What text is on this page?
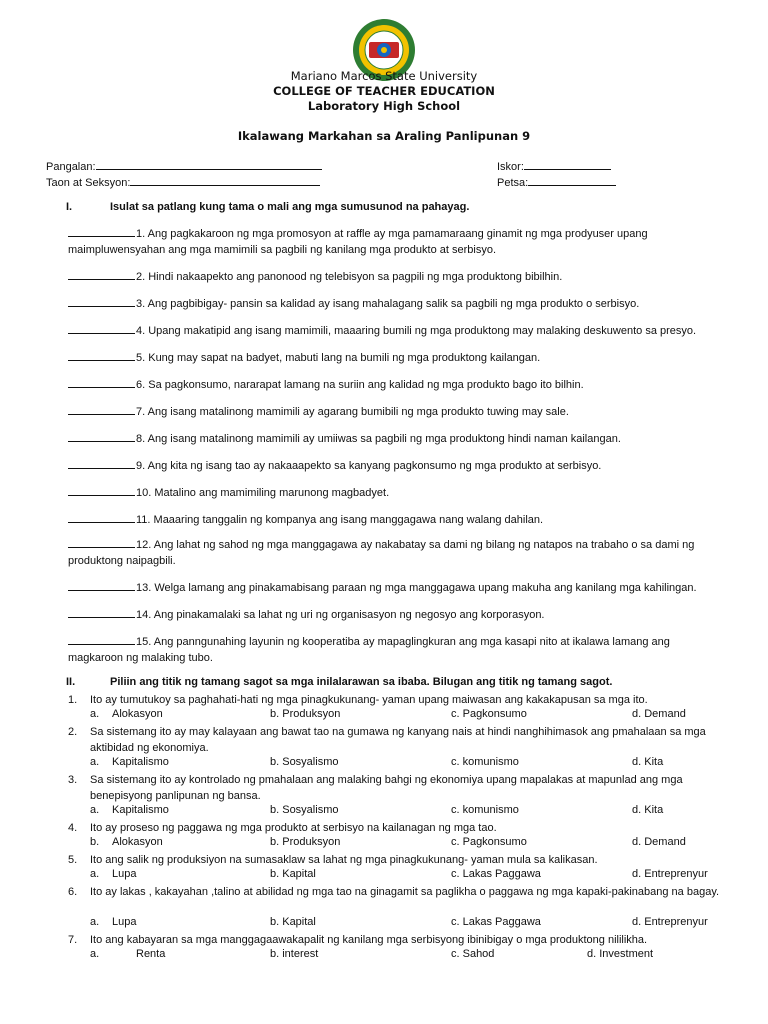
Mariano Marcos State University
COLLEGE OF TEACHER EDUCATION
Laboratory High School
Ikalawang Markahan sa Araling Panlipunan 9
Pangalan:
Taon at Seksyon:
Iskor:
Petsa:
I.	Isulat sa patlang kung tama o mali ang mga sumusunod na pahayag.
1. Ang pagkakaroon ng mga promosyon at raffle ay mga pamamaraang ginamit ng mga prodyuser upang maimpluwensyahan ang mga mamimili sa pagbili ng kanilang mga produkto at serbisyo.
2. Hindi nakaapekto ang panonood ng telebisyon sa pagpili ng mga produktong bibilhin.
3. Ang pagbibigay- pansin sa kalidad ay isang mahalagang salik sa pagbili ng mga produkto o serbisyo.
4. Upang makatipid ang isang mamimili, maaaring bumili ng mga produktong may malaking deskuwento sa presyo.
5. Kung may sapat na badyet, mabuti lang na bumili ng mga produktong kailangan.
6. Sa pagkonsumo, nararapat lamang na suriin ang kalidad ng mga produkto bago ito bilhin.
7. Ang isang matalinong mamimili ay agarang bumibili ng mga produkto tuwing may sale.
8. Ang isang matalinong mamimili ay umiiwas sa pagbili ng mga produktong hindi naman kailangan.
9. Ang kita ng isang tao ay nakaaapekto sa kanyang pagkonsumo ng mga produkto at serbisyo.
10. Matalino ang mamimiling marunong magbadyet.
11. Maaaring tanggalin ng kompanya ang isang manggagawa nang walang dahilan.
12. Ang lahat ng sahod ng mga manggagawa ay nakabatay sa dami ng bilang ng natapos na trabaho o sa dami ng produktong naipagbili.
13. Welga lamang ang pinakamabisang paraan ng mga manggagawa upang makuha ang kanilang mga kahilingan.
14. Ang pinakamalaki sa lahat ng uri ng organisasyon ng negosyo ang korporasyon.
15. Ang panngunahing layunin ng kooperatiba ay mapaglingkuran ang mga kasapi nito at ikalawa lamang ang magkaroon ng malaking tubo.
II.	Piliin ang titik ng tamang sagot sa mga inilalarawan sa ibaba. Bilugan ang titik ng tamang sagot.
1. Ito ay tumutukoy sa paghahati-hati ng mga pinagkukunang- yaman upang maiwasan ang kakakapusan sa mga ito.
a. Alokasyon	b. Produksyon	c. Pagkonsumo	d. Demand
2. Sa sistemang ito ay may kalayaan ang bawat tao na gumawa ng kanyang nais at hindi nanghihimasok ang pmahalaan sa mga aktibidad ng ekonomiya.
a. Kapitalismo	b. Sosyalismo	c. komunismo	d. Kita
3. Sa sistemang ito ay kontrolado ng pmahalaan ang malaking bahgi ng ekonomiya upang mapalakas at mapunlad ang mga benepisyong panlipunan ng bansa.
a. Kapitalismo	b. Sosyalismo	c. komunismo	d. Kita
4. Ito ay proseso ng paggawa ng mga produkto at serbisyo na kailanagan ng mga tao.
b. Alokasyon	b. Produksyon	c. Pagkonsumo	d. Demand
5. Ito ang salik ng produksiyon na sumasaklaw sa lahat ng mga pinagkukunang- yaman mula sa kalikasan.
a. Lupa	b. Kapital	c. Lakas Paggawa	d. Entreprenyur
6. Ito ay lakas , kakayahan ,talino at abilidad ng mga tao na ginagamit sa paglikha o paggawa ng mga kapaki-pakinabang na bagay.
a. Lupa	b. Kapital	c. Lakas Paggawa	d. Entreprenyur
7. Ito ang kabayaran sa mga manggagaawakapalit ng kanilang mga serbisyong ibinibigay o mga produktong nililikha.
a.	Renta	b. interest	c. Sahod	d. Investment
